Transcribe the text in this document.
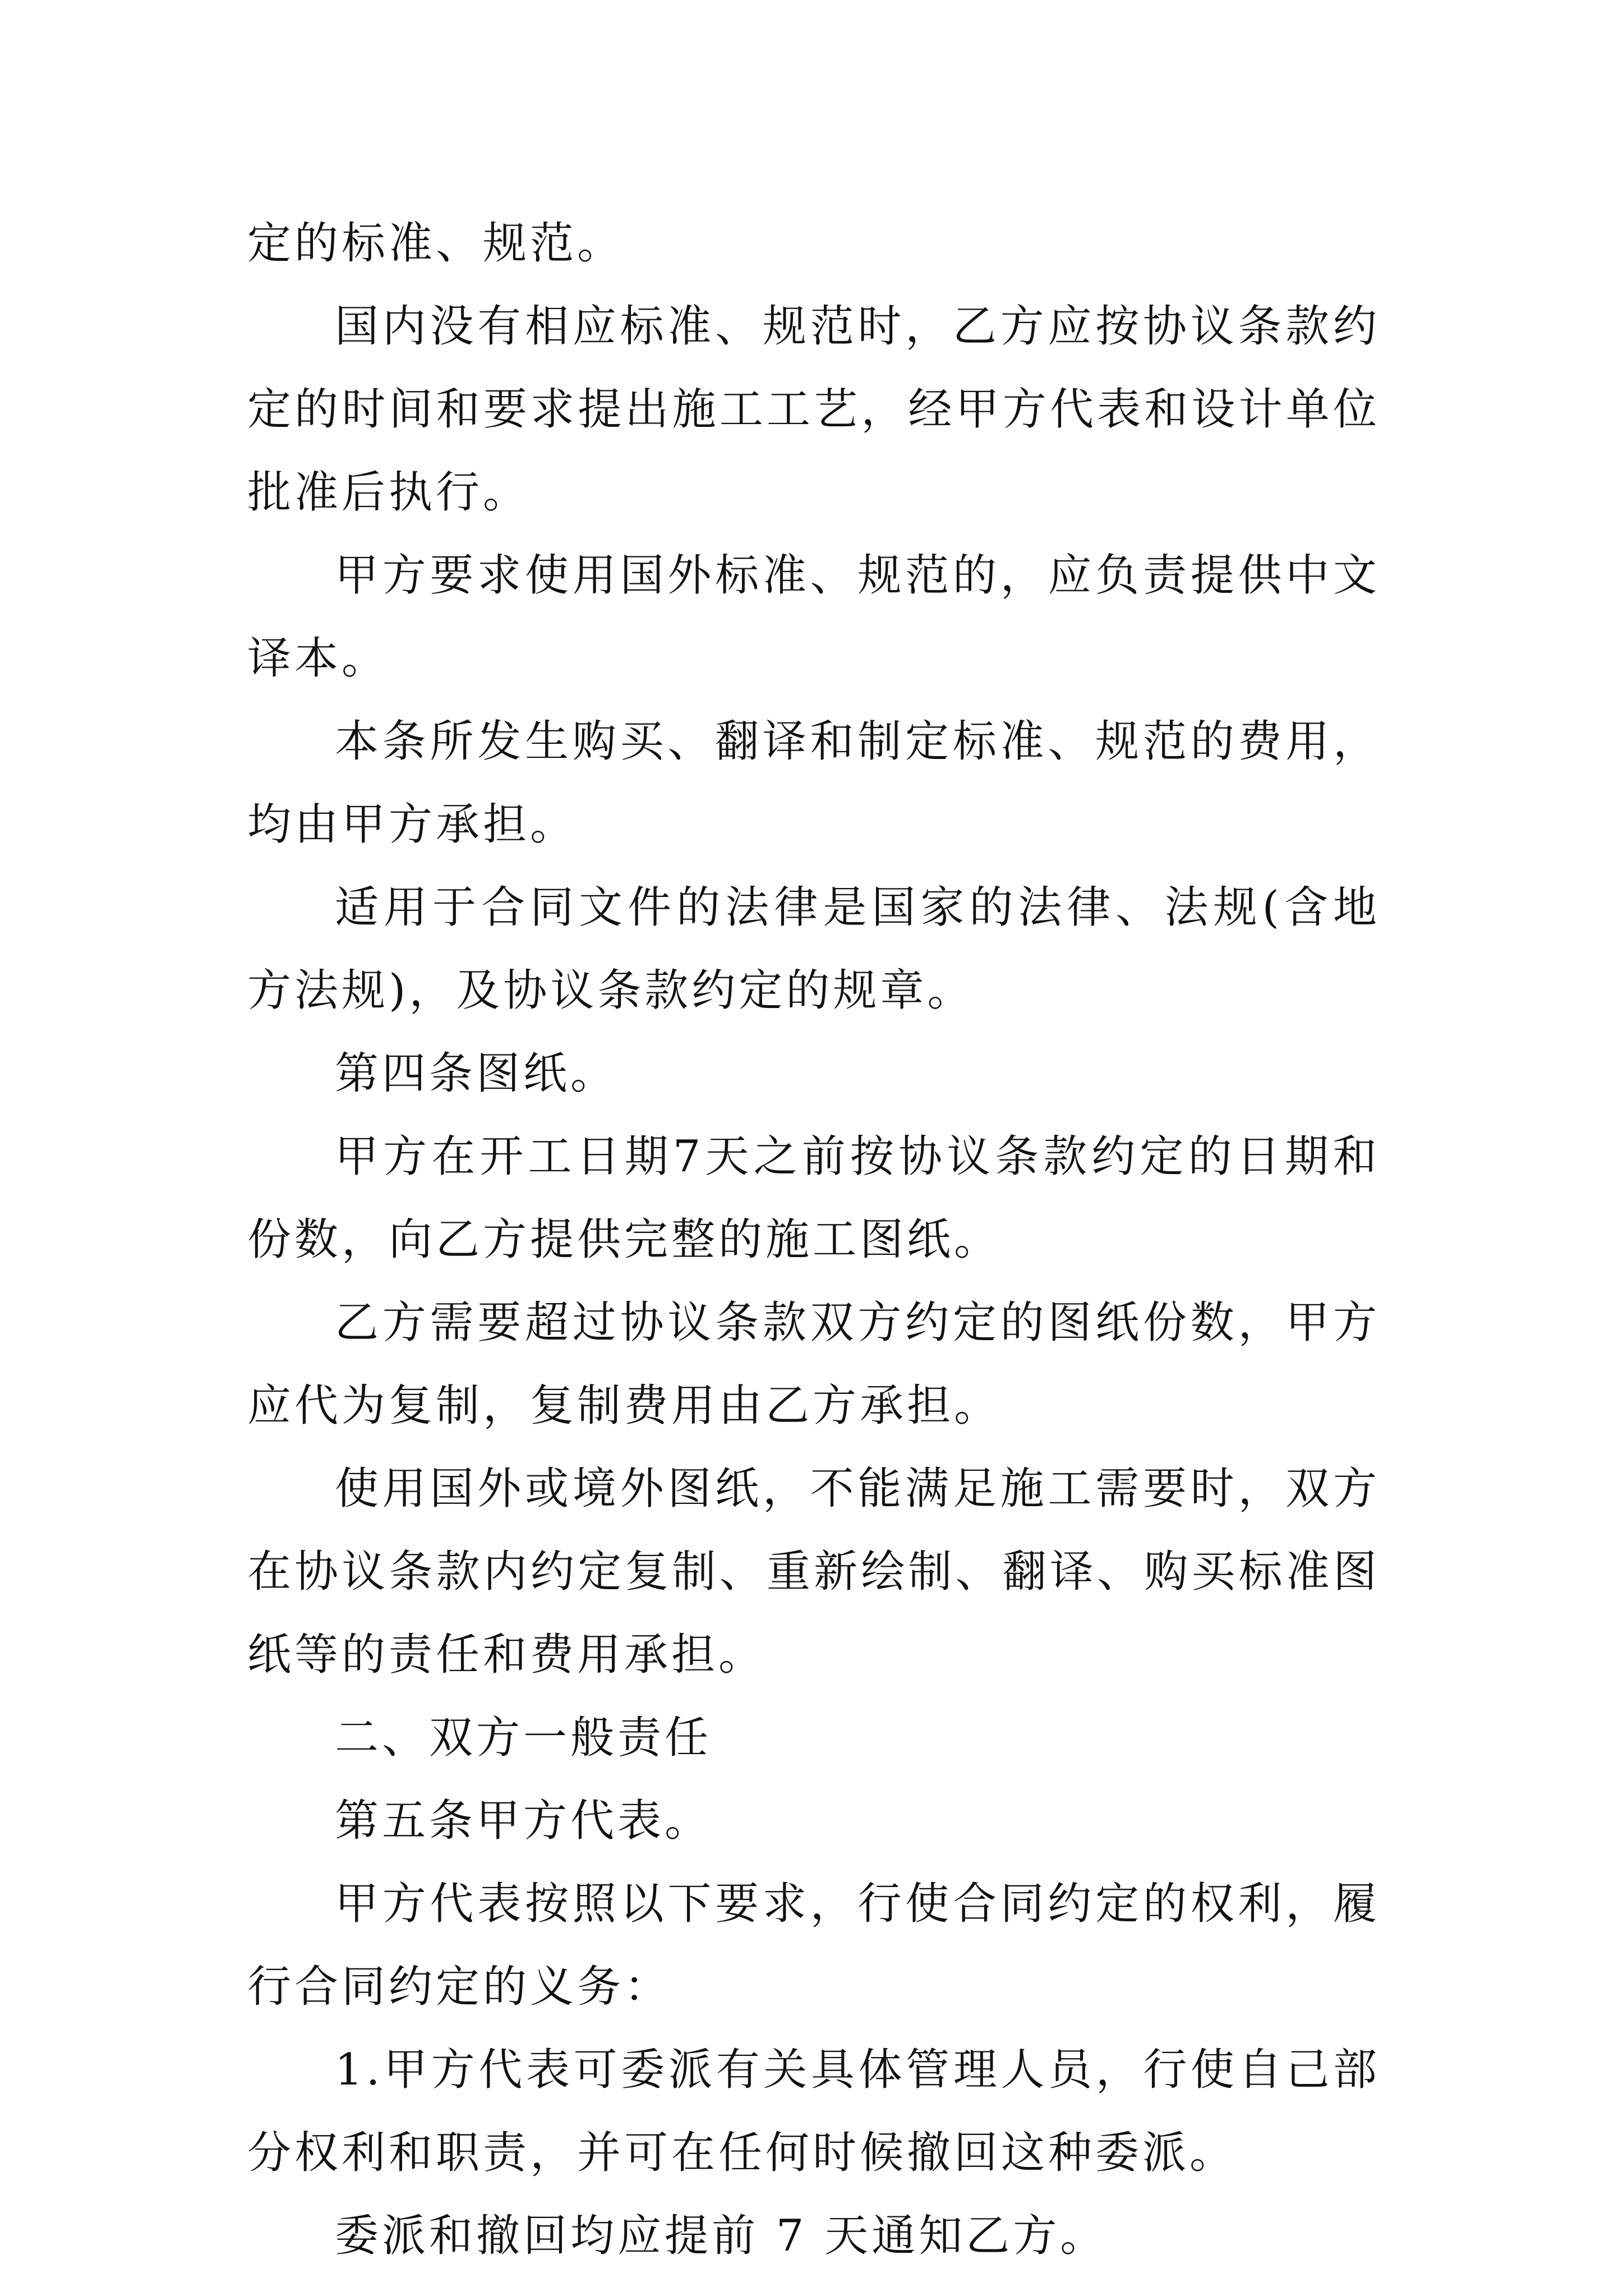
定的标准、规范。

国内没有相应标准、规范时，乙方应按协议条款约定的时间和要求提出施工工艺，经甲方代表和设计单位批准后执行。

甲方要求使用国外标准、规范的，应负责提供中文译本。

本条所发生购买、翻译和制定标准、规范的费用，均由甲方承担。

适用于合同文件的法律是国家的法律、法规(含地方法规)，及协议条款约定的规章。

第四条图纸。

甲方在开工日期7天之前按协议条款约定的日期和份数，向乙方提供完整的施工图纸。

乙方需要超过协议条款双方约定的图纸份数，甲方应代为复制，复制费用由乙方承担。

使用国外或境外图纸，不能满足施工需要时，双方在协议条款内约定复制、重新绘制、翻译、购买标准图纸等的责任和费用承担。

二、双方一般责任

第五条甲方代表。

甲方代表按照以下要求，行使合同约定的权利，履行合同约定的义务：

1.甲方代表可委派有关具体管理人员，行使自己部分权利和职责，并可在任何时候撤回这种委派。

委派和撤回均应提前 7 天通知乙方。
